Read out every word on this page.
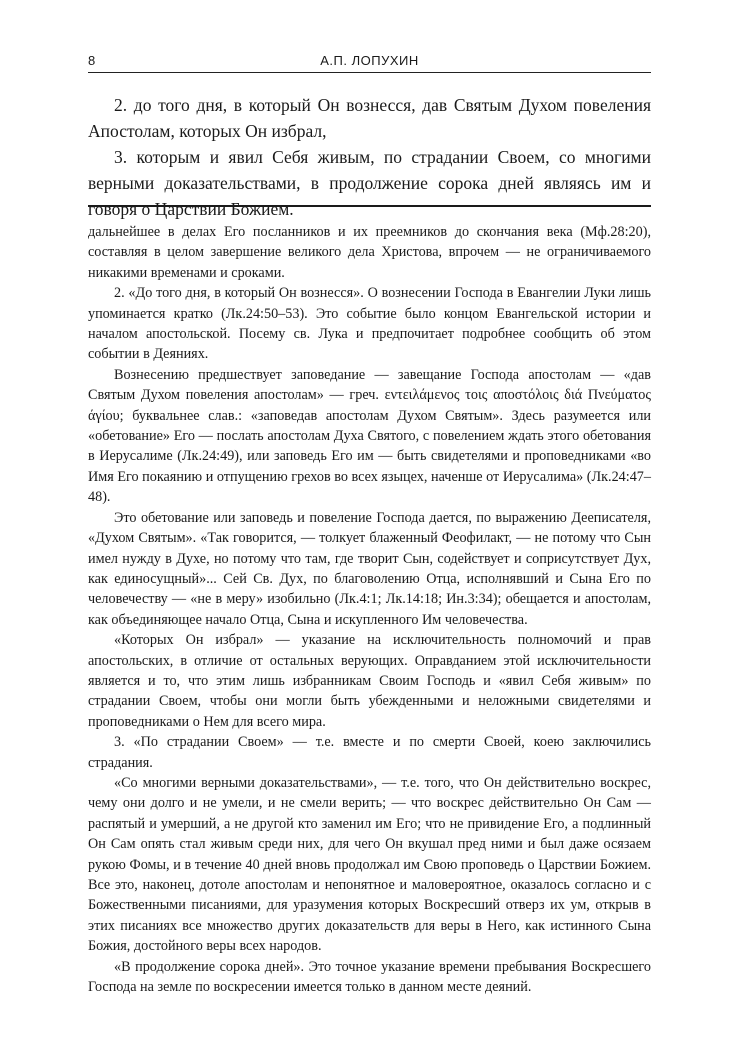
8	А.П. ЛОПУХИН

2. до того дня, в который Он вознесся, дав Святым Духом повеления Апостолам, которых Он избрал,

3. которым и явил Себя живым, по страдании Своем, со многими верными доказательствами, в продолжение сорока дней являясь им и говоря о Царствии Божием.

дальнейшее в делах Его посланников и их преемников до скончания века (Мф.28:20), составляя в целом завершение великого дела Христова, впрочем — не ограничиваемого никакими временами и сроками.

2. «До того дня, в который Он вознесся». О вознесении Господа в Евангелии Луки лишь упоминается кратко (Лк.24:50–53). Это событие было концом Евангельской истории и началом апостольской. Посему св. Лука и предпочитает подробнее сообщить об этом событии в Деяниях.

Вознесению предшествует заповедание — завещание Господа апостолам — «дав Святым Духом повеления апостолам» — греч. εντειλάμενος τοις αποστόλοις διά Πνεύματος άγίου; буквальнее слав.: «заповедав апостолам Духом Святым». Здесь разумеется или «обетование» Его — послать апостолам Духа Святого, с повелением ждать этого обетования в Иерусалиме (Лк.24:49), или заповедь Его им — быть свидетелями и проповедниками «во Имя Его покаянию и отпущению грехов во всех языцех, наченше от Иерусалима» (Лк.24:47–48).

Это обетование или заповедь и повеление Господа дается, по выражению Дееписателя, «Духом Святым». «Так говорится, — толкует блаженный Феофилакт, — не потому что Сын имел нужду в Духе, но потому что там, где творит Сын, содействует и соприсутствует Дух, как единосущный»... Сей Св. Дух, по благоволению Отца, исполнявший и Сына Его по человечеству — «не в меру» изобильно (Лк.4:1; Лк.14:18; Ин.3:34); обещается и апостолам, как объединяющее начало Отца, Сына и искупленного Им человечества.

«Которых Он избрал» — указание на исключительность полномочий и прав апостольских, в отличие от остальных верующих. Оправданием этой исключительности является и то, что этим лишь избранникам Своим Господь и «явил Себя живым» по страдании Своем, чтобы они могли быть убежденными и неложными свидетелями и проповедниками о Нем для всего мира.

3. «По страдании Своем» — т.е. вместе и по смерти Своей, коею заключились страдания.

«Со многими верными доказательствами», — т.е. того, что Он действительно воскрес, чему они долго и не умели, и не смели верить; — что воскрес действительно Он Сам — распятый и умерший, а не другой кто заменил им Его; что не привидение Его, а подлинный Он Сам опять стал живым среди них, для чего Он вкушал пред ними и был даже осязаем рукою Фомы, и в течение 40 дней вновь продолжал им Свою проповедь о Царствии Божием. Все это, наконец, дотоле апостолам и непонятное и маловероятное, оказалось согласно и с Божественными писаниями, для уразумения которых Воскресший отверз их ум, открыв в этих писаниях все множество других доказательств для веры в Него, как истинного Сына Божия, достойного веры всех народов.

«В продолжение сорока дней». Это точное указание времени пребывания Воскресшего Господа на земле по воскресении имеется только в данном месте деяний.
